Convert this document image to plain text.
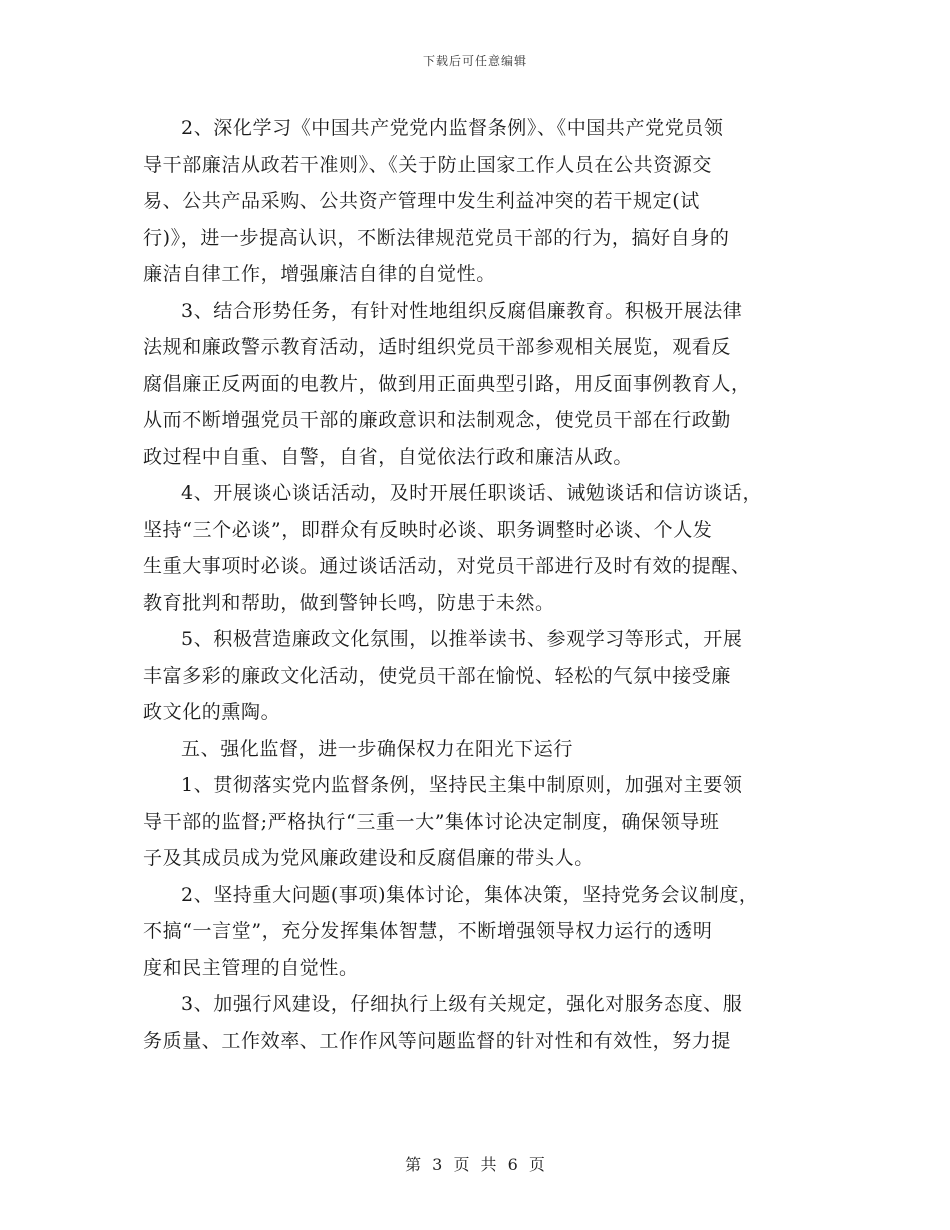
下载后可任意编辑

2、深化学习《中国共产党党内监督条例》、《中国共产党党员领
导干部廉洁从政若干准则》、《关于防止国家工作人员在公共资源交
易、公共产品采购、公共资产管理中发生利益冲突的若干规定(试
行)》，进一步提高认识，不断法律规范党员干部的行为，搞好自身的
廉洁自律工作，增强廉洁自律的自觉性。

3、结合形势任务，有针对性地组织反腐倡廉教育。积极开展法律
法规和廉政警示教育活动，适时组织党员干部参观相关展览，观看反
腐倡廉正反两面的电教片，做到用正面典型引路，用反面事例教育人，
从而不断增强党员干部的廉政意识和法制观念，使党员干部在行政勤
政过程中自重、自警，自省，自觉依法行政和廉洁从政。

4、开展谈心谈话活动，及时开展任职谈话、诫勉谈话和信访谈话，
坚持“三个必谈”，即群众有反映时必谈、职务调整时必谈、个人发
生重大事项时必谈。通过谈话活动，对党员干部进行及时有效的提醒、
教育批判和帮助，做到警钟长鸣，防患于未然。

5、积极营造廉政文化氛围，以推举读书、参观学习等形式，开展
丰富多彩的廉政文化活动，使党员干部在愉悦、轻松的气氛中接受廉
政文化的熏陶。

五、强化监督，进一步确保权力在阳光下运行

1、贯彻落实党内监督条例，坚持民主集中制原则，加强对主要领
导干部的监督;严格执行“三重一大”集体讨论决定制度，确保领导班
子及其成员成为党风廉政建设和反腐倡廉的带头人。

2、坚持重大问题(事项)集体讨论，集体决策，坚持党务会议制度，
不搞“一言堂”，充分发挥集体智慧，不断增强领导权力运行的透明
度和民主管理的自觉性。

3、加强行风建设，仔细执行上级有关规定，强化对服务态度、服
务质量、工作效率、工作作风等问题监督的针对性和有效性，努力提

第 3 页 共 6 页
